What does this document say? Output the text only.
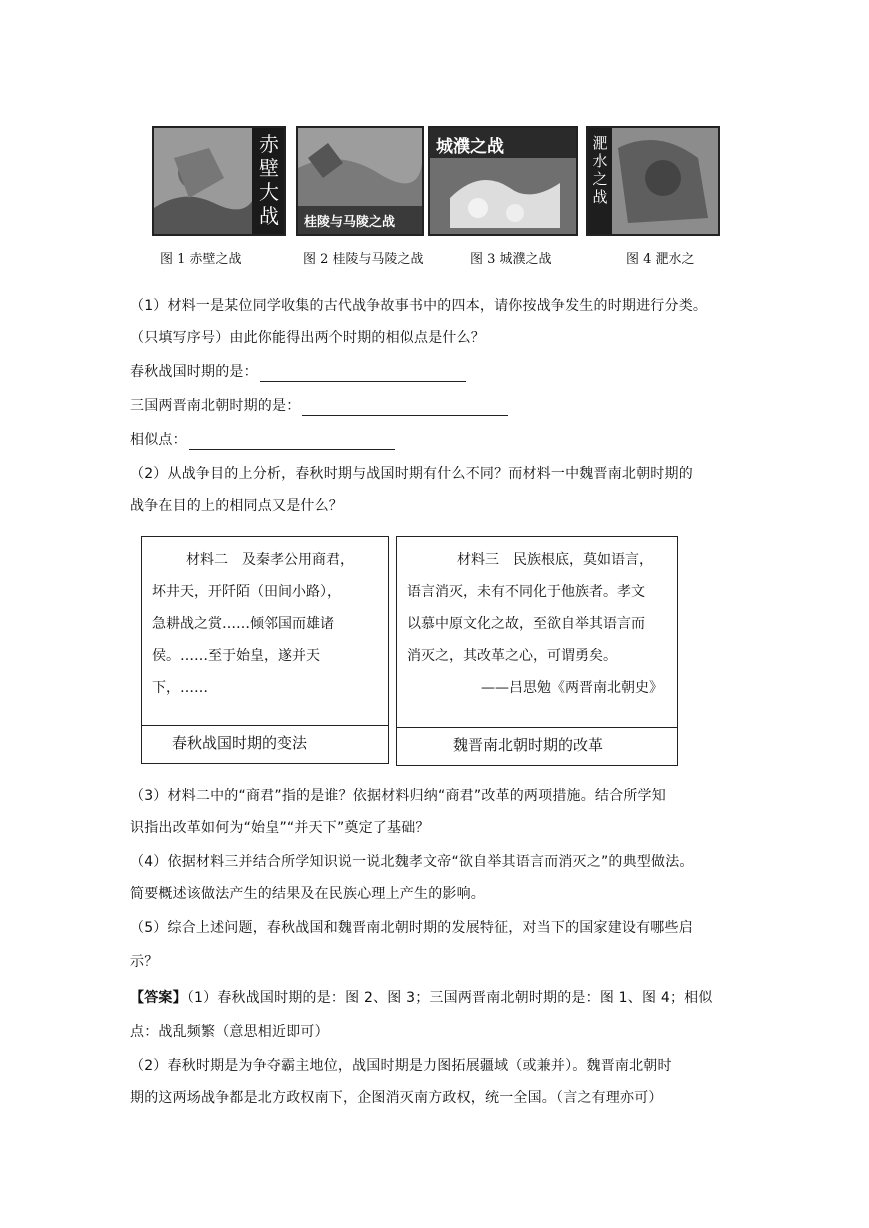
赤壁大战 桂陵与马陵之战
城濮之战	淝水之战
图 1 赤壁之战	图 2 桂陵与马陵之战	图 3 城濮之战	图 4 淝水之
（1）材料一是某位同学收集的古代战争故事书中的四本，请你按战争发生的时期进行分类。
（只填写序号）由此你能得出两个时期的相似点是什么？
春秋战国时期的是：
三国两晋南北朝时期的是：
相似点：
（2）从战争目的上分析，春秋时期与战国时期有什么不同？而材料一中魏晋南北朝时期的
战争在目的上的相同点又是什么？
材料二　及秦孝公用商君，
坏井天，开阡陌（田间小路），
急耕战之赏……倾邻国而雄诸
侯。……至于始皇，遂并天
下，……
春秋战国时期的变法
材料三　民族根底，莫如语言，
语言消灭，未有不同化于他族者。孝文
以慕中原文化之故，至欲自举其语言而
消灭之，其改革之心，可谓勇矣。
——吕思勉《两晋南北朝史》
魏晋南北朝时期的改革
（3）材料二中的“商君”指的是谁？依据材料归纳“商君”改革的两项措施。结合所学知
识指出改革如何为“始皇”“并天下”奠定了基础？
（4）依据材料三并结合所学知识说一说北魏孝文帝“欲自举其语言而消灭之”的典型做法。
简要概述该做法产生的结果及在民族心理上产生的影响。
（5）综合上述问题，春秋战国和魏晋南北朝时期的发展特征，对当下的国家建设有哪些启
示？
【答案】（1）春秋战国时期的是：图 2、图 3；三国两晋南北朝时期的是：图 1、图 4；相似
点：战乱频繁（意思相近即可）
（2）春秋时期是为争夺霸主地位，战国时期是力图拓展疆域（或兼并）。魏晋南北朝时
期的这两场战争都是北方政权南下，企图消灭南方政权，统一全国。（言之有理亦可）
